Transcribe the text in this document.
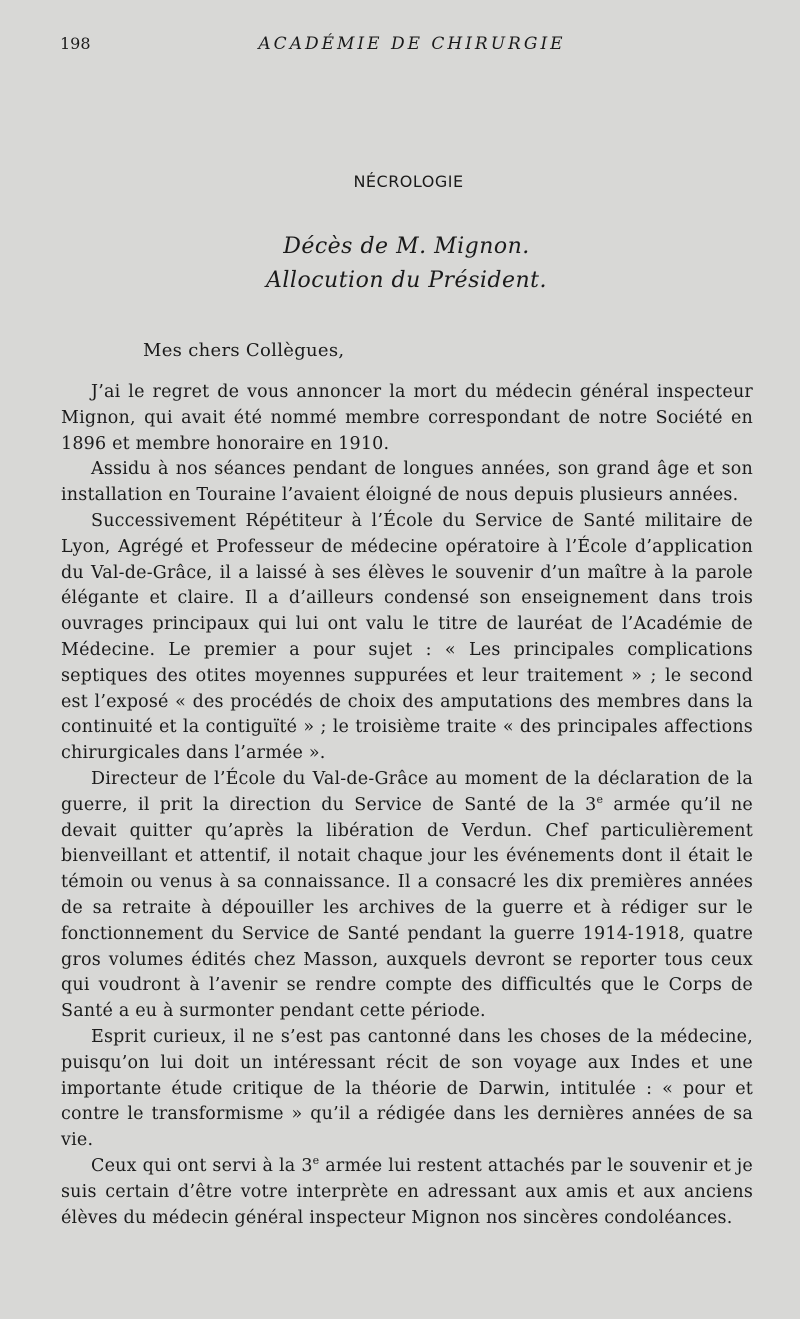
198	ACADÉMIE DE CHIRURGIE
NÉCROLOGIE
Décès de M. Mignon.
Allocution du Président.
Mes chers Collègues,

J’ai le regret de vous annoncer la mort du médecin général inspecteur Mignon, qui avait été nommé membre correspondant de notre Société en 1896 et membre honoraire en 1910.

Assidu à nos séances pendant de longues années, son grand âge et son installation en Touraine l’avaient éloigné de nous depuis plusieurs années.

Successivement Répétiteur à l’École du Service de Santé militaire de Lyon, Agrégé et Professeur de médecine opératoire à l’École d’application du Val-de-Grâce, il a laissé à ses élèves le souvenir d’un maître à la parole élégante et claire. Il a d’ailleurs condensé son enseignement dans trois ouvrages principaux qui lui ont valu le titre de lauréat de l’Académie de Médecine. Le premier a pour sujet : « Les principales complications septiques des otites moyennes suppurées et leur traitement » ; le second est l’exposé « des procédés de choix des amputations des membres dans la continuité et la contiguïté » ; le troisième traite « des principales affections chirurgicales dans l’armée ».

Directeur de l’École du Val-de-Grâce au moment de la déclaration de la guerre, il prit la direction du Service de Santé de la 3e armée qu’il ne devait quitter qu’après la libération de Verdun. Chef particulièrement bienveillant et attentif, il notait chaque jour les événements dont il était le témoin ou venus à sa connaissance. Il a consacré les dix premières années de sa retraite à dépouiller les archives de la guerre et à rédiger sur le fonctionnement du Service de Santé pendant la guerre 1914-1918, quatre gros volumes édités chez Masson, auxquels devront se reporter tous ceux qui voudront à l’avenir se rendre compte des difficultés que le Corps de Santé a eu à surmonter pendant cette période.

Esprit curieux, il ne s’est pas cantonné dans les choses de la médecine, puisqu’on lui doit un intéressant récit de son voyage aux Indes et une importante étude critique de la théorie de Darwin, intitulée : « pour et contre le transformisme » qu’il a rédigée dans les dernières années de sa vie.

Ceux qui ont servi à la 3e armée lui restent attachés par le souvenir et je suis certain d’être votre interprète en adressant aux amis et aux anciens élèves du médecin général inspecteur Mignon nos sincères condoléances.
